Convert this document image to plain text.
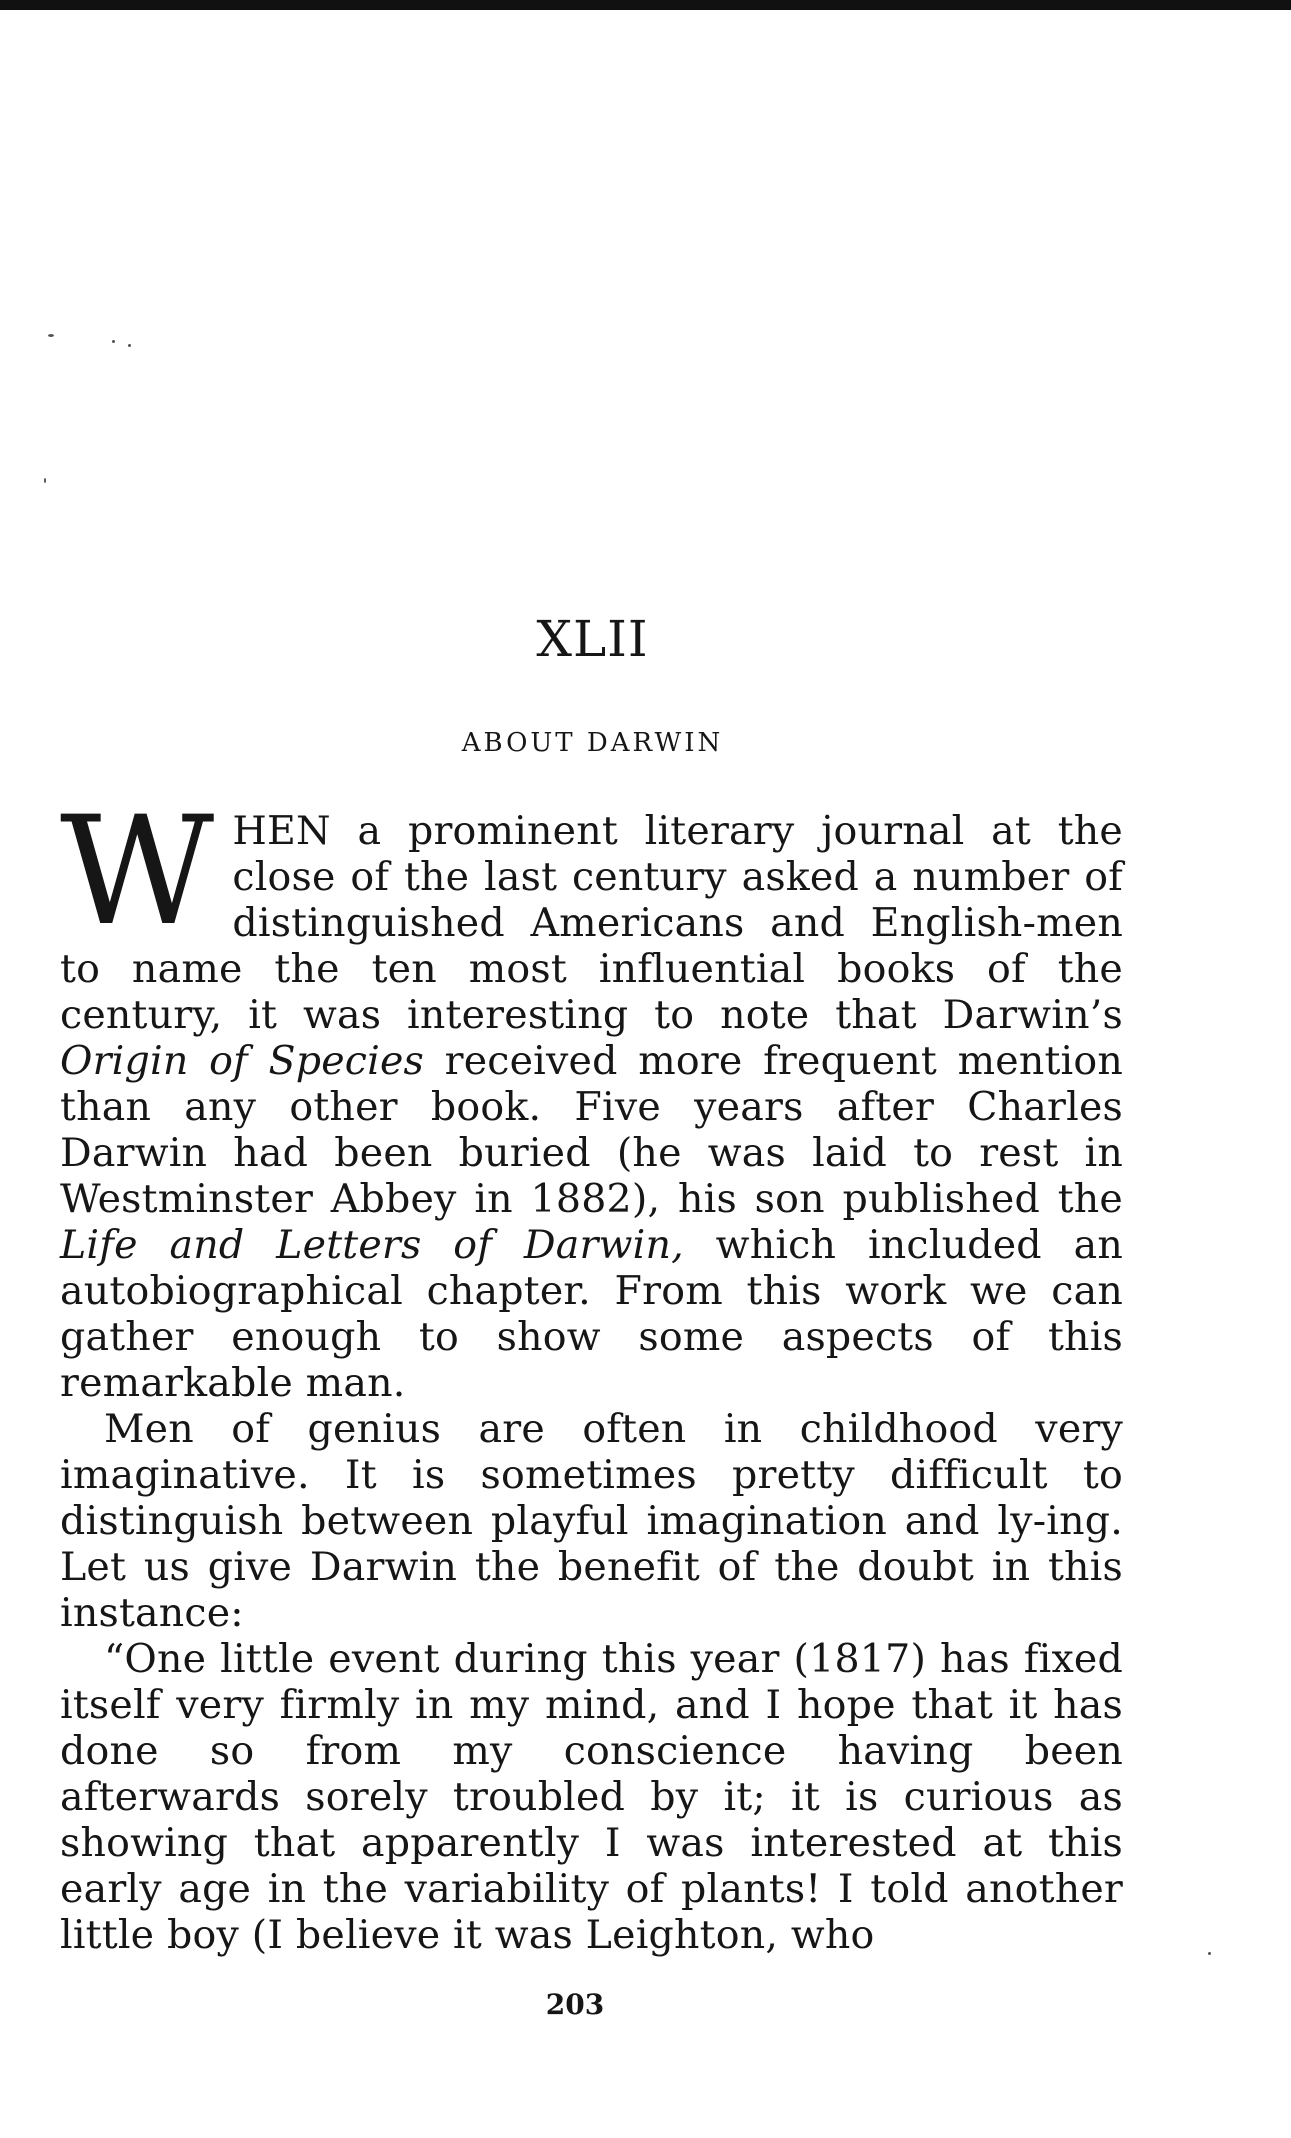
XLII
ABOUT DARWIN

WHEN a prominent literary journal at the close of the last century asked a number of distinguished Americans and English-men to name the ten most influential books of the century, it was interesting to note that Darwin’s Origin of Species received more frequent mention than any other book. Five years after Charles Darwin had been buried (he was laid to rest in Westminster Abbey in 1882), his son published the Life and Letters of Darwin, which included an autobiographical chapter. From this work we can gather enough to show some aspects of this remarkable man.

Men of genius are often in childhood very imaginative. It is sometimes pretty difficult to distinguish between playful imagination and ly-ing. Let us give Darwin the benefit of the doubt in this instance:

“One little event during this year (1817) has fixed itself very firmly in my mind, and I hope that it has done so from my conscience having been afterwards sorely troubled by it; it is curious as showing that apparently I was interested at this early age in the variability of plants! I told another little boy (I believe it was Leighton, who

203
